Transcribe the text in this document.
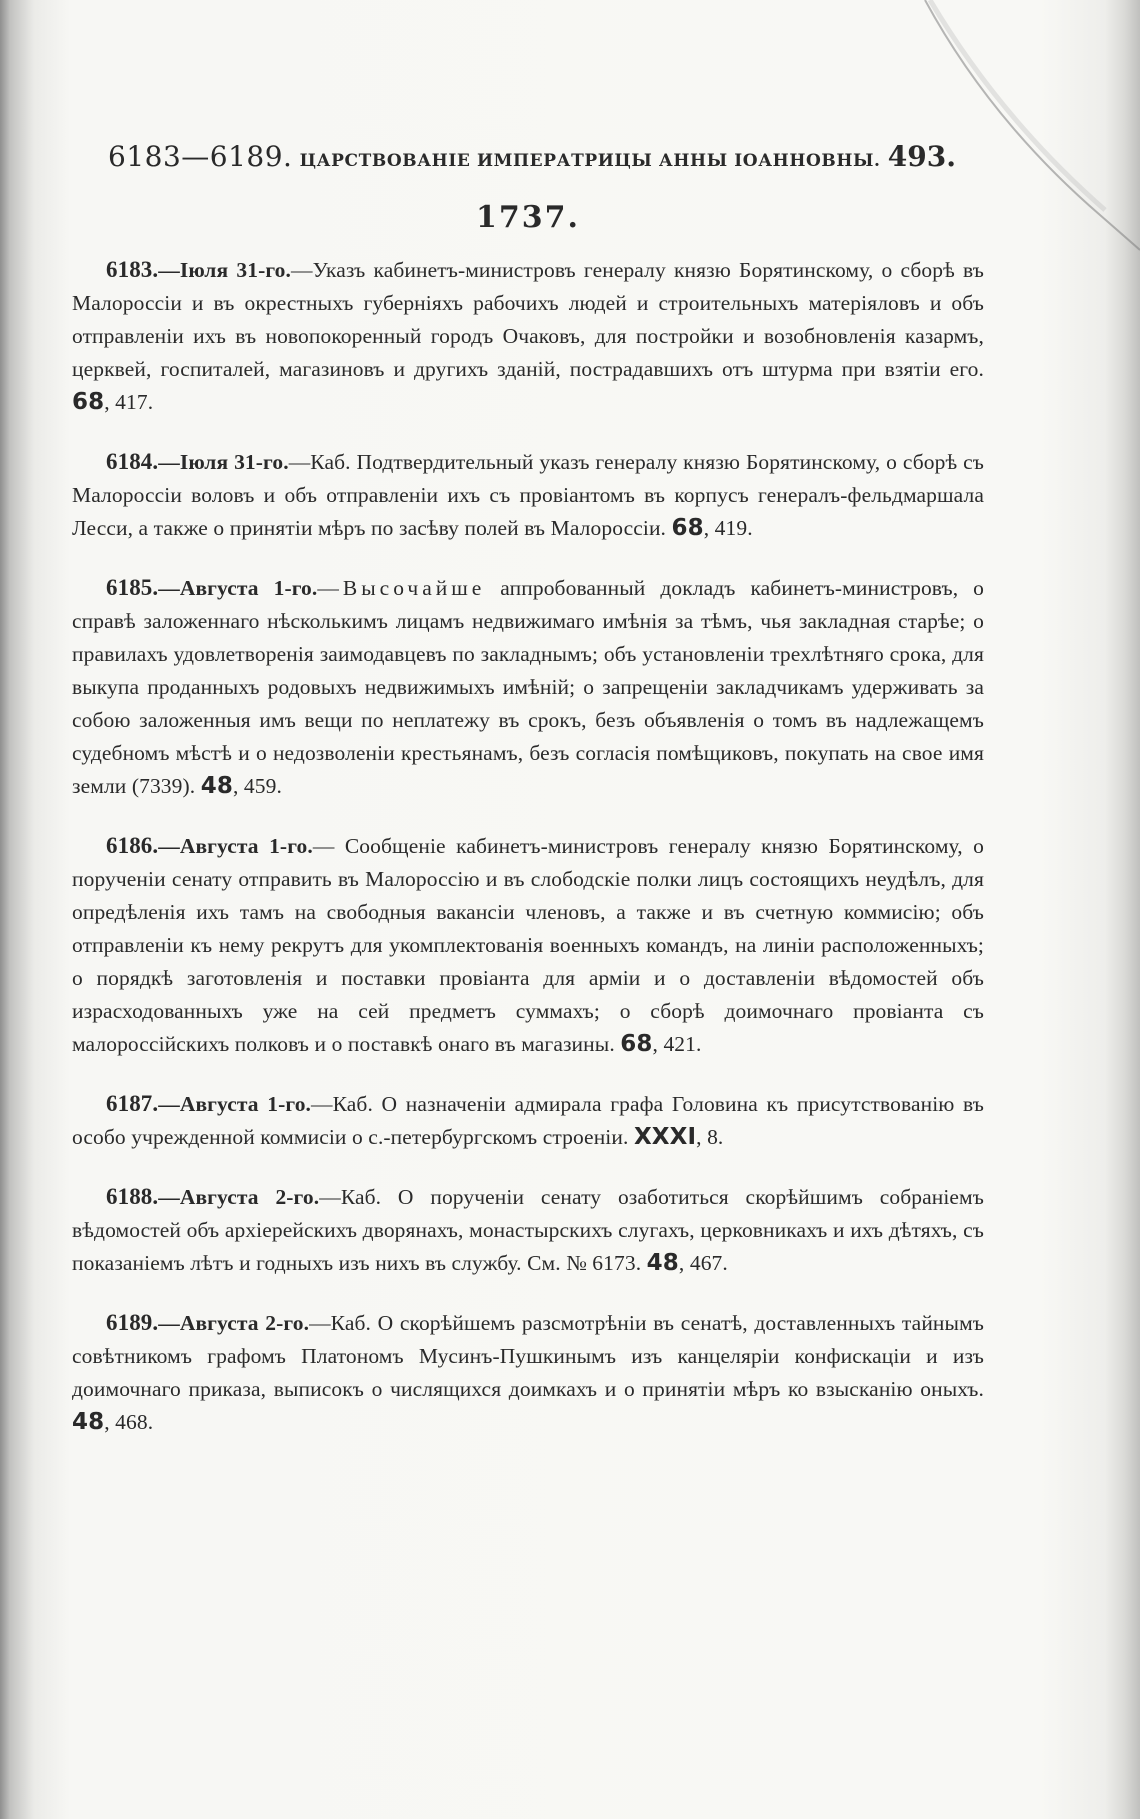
6183—6189. ЦАРСТВОВАНІЕ ИМПЕРАТРИЦЫ АННЫ ІОАННОВНЫ. 493.
1737.

6183.—Іюля 31-го.—Указъ кабинетъ-министровъ генералу князю Борятинскому, о сборѣ въ Малороссіи и въ окрестныхъ губерніяхъ рабочихъ людей и строительныхъ матеріяловъ и объ отправленіи ихъ въ новопокоренный городъ Очаковъ, для постройки и возобновленія казармъ, церквей, госпиталей, магазиновъ и другихъ зданій, пострадавшихъ отъ штурма при взятіи его. 68, 417.

6184.—Іюля 31-го.—Каб. Подтвердительный указъ генералу князю Борятинскому, о сборѣ съ Малороссіи воловъ и объ отправленіи ихъ съ провіантомъ въ корпусъ генералъ-фельдмаршала Лесси, а также о принятіи мѣръ по засѣву полей въ Малороссіи. 68, 419.

6185.—Августа 1-го.—Высочайше аппробованный докладъ кабинетъ-министровъ, о справѣ заложеннаго нѣсколькимъ лицамъ недвижимаго имѣнія за тѣмъ, чья закладная старѣе; о правилахъ удовлетворенія заимодавцевъ по закладнымъ; объ установленіи трехлѣтняго срока, для выкупа проданныхъ родовыхъ недвижимыхъ имѣній; о запрещеніи закладчикамъ удерживать за собою заложенныя имъ вещи по неплатежу въ срокъ, безъ объявленія о томъ въ надлежащемъ судебномъ мѣстѣ и о недозволеніи крестьянамъ, безъ согласія помѣщиковъ, покупать на свое имя земли (7339). 48, 459.

6186.—Августа 1-го.— Сообщеніе кабинетъ-министровъ генералу князю Борятинскому, о порученіи сенату отправить въ Малороссію и въ слободскіе полки лицъ состоящихъ неудѣлъ, для опредѣленія ихъ тамъ на свободныя вакансіи членовъ, а также и въ счетную коммисію; объ отправленіи къ нему рекрутъ для укомплектованія военныхъ командъ, на линіи расположенныхъ; о порядкѣ заготовленія и поставки провіанта для арміи и о доставленіи вѣдомостей объ израсходованныхъ уже на сей предметъ суммахъ; о сборѣ доимочнаго провіанта съ малороссійскихъ полковъ и о поставкѣ онаго въ магазины. 68, 421.

6187.—Августа 1-го.—Каб. О назначеніи адмирала графа Головина къ присутствованію въ особо учрежденной коммисіи о с.-петербургскомъ строеніи. XXXI, 8.

6188.—Августа 2-го.—Каб. О порученіи сенату озаботиться скорѣйшимъ собраніемъ вѣдомостей объ архіерейскихъ дворянахъ, монастырскихъ слугахъ, церковникахъ и ихъ дѣтяхъ, съ показаніемъ лѣтъ и годныхъ изъ нихъ въ службу. См. № 6173. 48, 467.

6189.—Августа 2-го.—Каб. О скорѣйшемъ разсмотрѣніи въ сенатѣ, доставленныхъ тайнымъ совѣтникомъ графомъ Платономъ Мусинъ-Пушкинымъ изъ канцеляріи конфискаціи и изъ доимочнаго приказа, выписокъ о числящихся доимкахъ и о принятіи мѣръ ко взысканію оныхъ. 48, 468.
